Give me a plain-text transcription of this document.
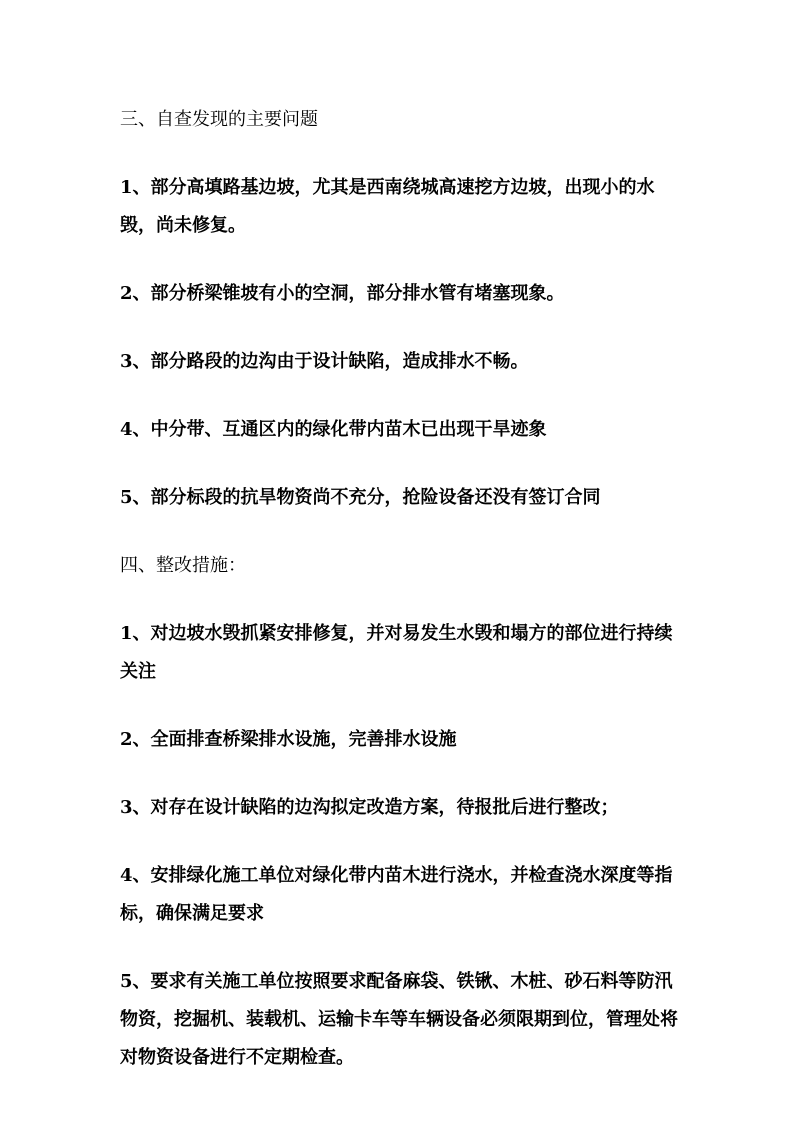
三、自查发现的主要问题

1、部分高填路基边坡，尤其是西南绕城高速挖方边坡，出现小的水毁，尚未修复。

2、部分桥梁锥坡有小的空洞，部分排水管有堵塞现象。

3、部分路段的边沟由于设计缺陷，造成排水不畅。

4、中分带、互通区内的绿化带内苗木已出现干旱迹象

5、部分标段的抗旱物资尚不充分，抢险设备还没有签订合同

四、整改措施：

1、对边坡水毁抓紧安排修复，并对易发生水毁和塌方的部位进行持续关注

2、全面排查桥梁排水设施，完善排水设施

3、对存在设计缺陷的边沟拟定改造方案，待报批后进行整改；

4、安排绿化施工单位对绿化带内苗木进行浇水，并检查浇水深度等指标，确保满足要求

5、要求有关施工单位按照要求配备麻袋、铁锹、木桩、砂石料等防汛物资，挖掘机、装载机、运输卡车等车辆设备必须限期到位，管理处将对物资设备进行不定期检查。
